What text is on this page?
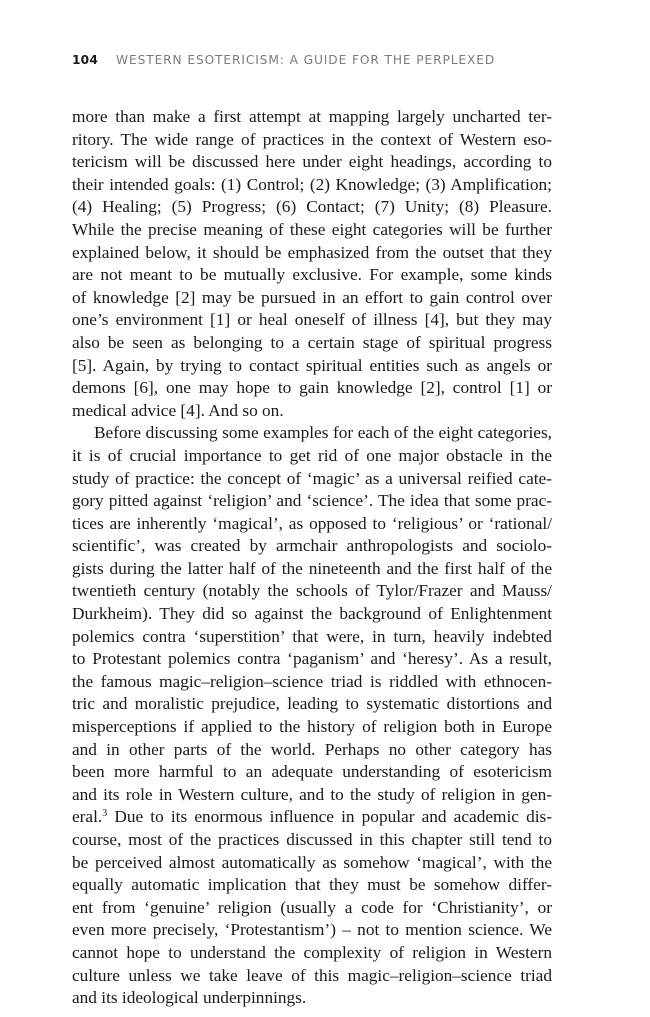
104 WESTERN ESOTERICISM: A GUIDE FOR THE PERPLEXED
more than make a first attempt at mapping largely uncharted ter-
ritory. The wide range of practices in the context of Western eso-
tericism will be discussed here under eight headings, according to
their intended goals: (1) Control; (2) Knowledge; (3) Amplification;
(4) Healing; (5) Progress; (6) Contact; (7) Unity; (8) Pleasure.
While the precise meaning of these eight categories will be further
explained below, it should be emphasized from the outset that they
are not meant to be mutually exclusive. For example, some kinds
of knowledge [2] may be pursued in an effort to gain control over
one’s environment [1] or heal oneself of illness [4], but they may
also be seen as belonging to a certain stage of spiritual progress
[5]. Again, by trying to contact spiritual entities such as angels or
demons [6], one may hope to gain knowledge [2], control [1] or
medical advice [4]. And so on.
Before discussing some examples for each of the eight categories,
it is of crucial importance to get rid of one major obstacle in the
study of practice: the concept of ‘magic’ as a universal reified cate-
gory pitted against ‘religion’ and ‘science’. The idea that some prac-
tices are inherently ‘magical’, as opposed to ‘religious’ or ‘rational/
scientific’, was created by armchair anthropologists and sociolo-
gists during the latter half of the nineteenth and the first half of the
twentieth century (notably the schools of Tylor/Frazer and Mauss/
Durkheim). They did so against the background of Enlightenment
polemics contra ‘superstition’ that were, in turn, heavily indebted
to Protestant polemics contra ‘paganism’ and ‘heresy’. As a result,
the famous magic–religion–science triad is riddled with ethnocen-
tric and moralistic prejudice, leading to systematic distortions and
misperceptions if applied to the history of religion both in Europe
and in other parts of the world. Perhaps no other category has
been more harmful to an adequate understanding of esotericism
and its role in Western culture, and to the study of religion in gen-
eral.$^3$ Due to its enormous influence in popular and academic dis-
course, most of the practices discussed in this chapter still tend to
be perceived almost automatically as somehow ‘magical’, with the
equally automatic implication that they must be somehow differ-
ent from ‘genuine’ religion (usually a code for ‘Christianity’, or
even more precisely, ‘Protestantism’) – not to mention science. We
cannot hope to understand the complexity of religion in Western
culture unless we take leave of this magic–religion–science triad
and its ideological underpinnings.
